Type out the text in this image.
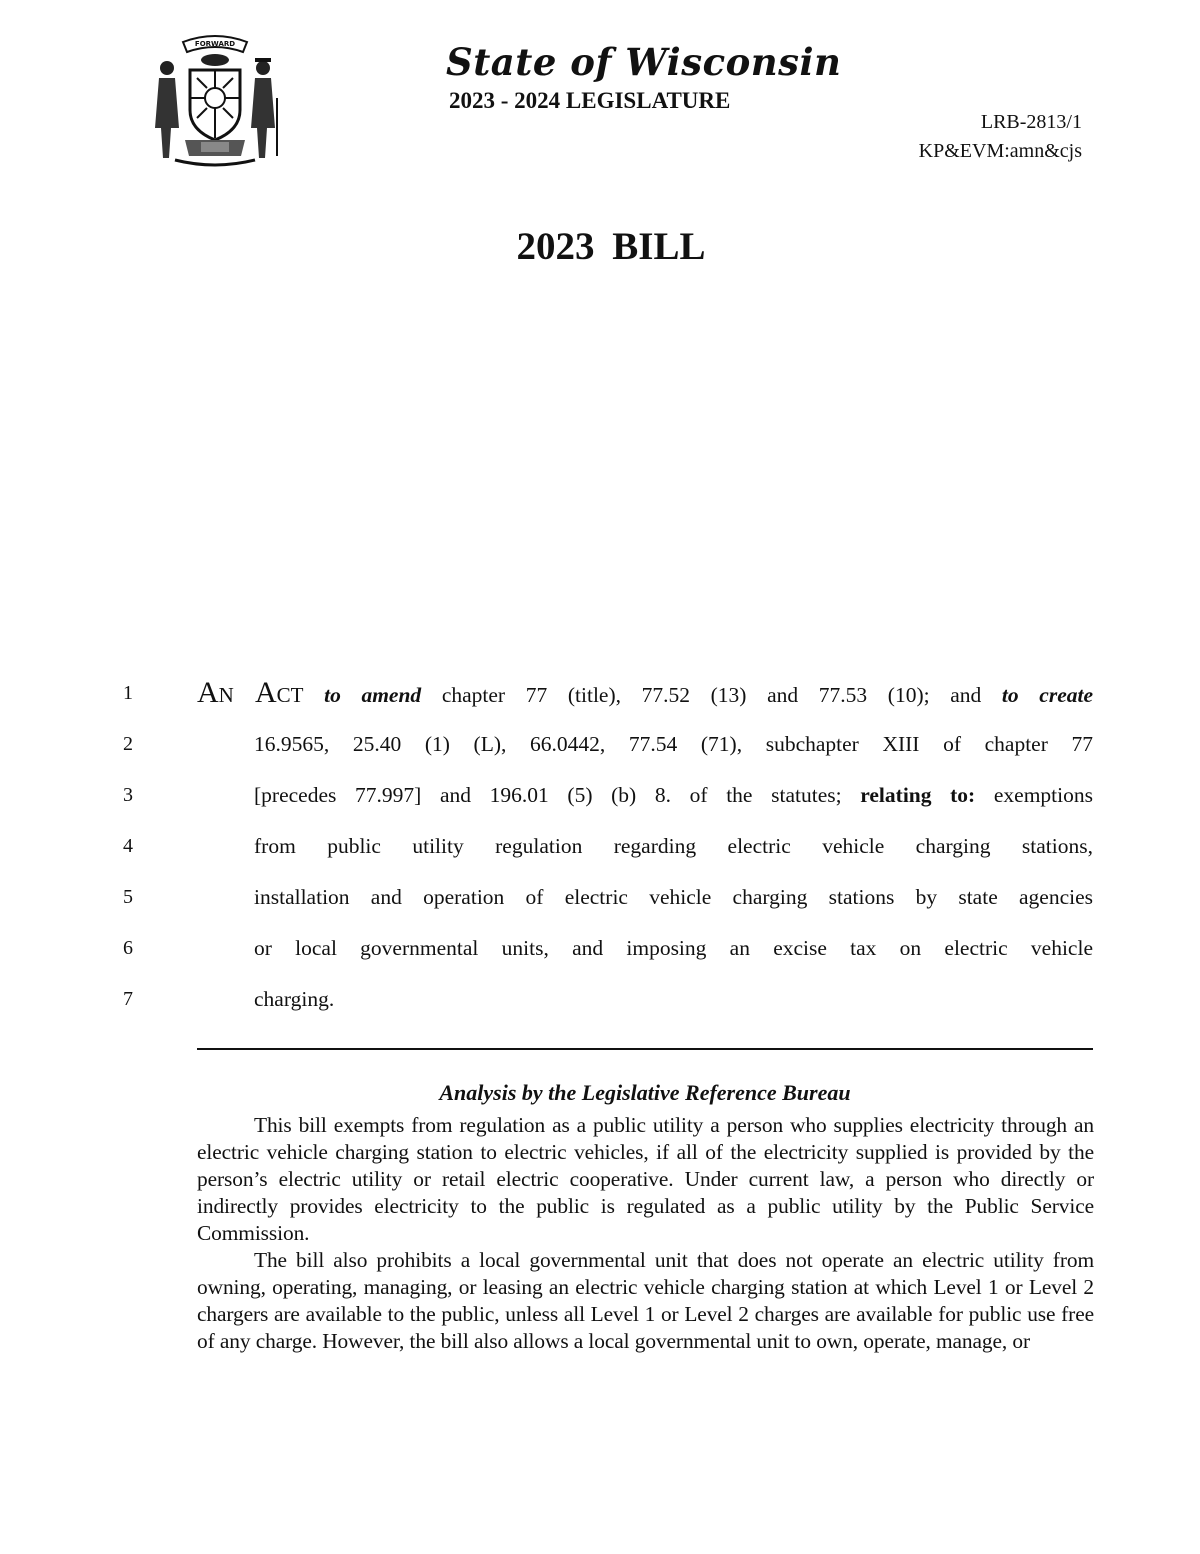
FORWARD	State of Wisconsin
2023 - 2024 LEGISLATURE
LRB-2813/1
KP&EVM:amn&cjs
2023 BILL
1
2
3
4
5
6
7
An Act to amend chapter 77 (title), 77.52 (13) and 77.53 (10); and to create
16.9565, 25.40 (1) (L), 66.0442, 77.54 (71), subchapter XIII of chapter 77
[precedes 77.997] and 196.01 (5) (b) 8. of the statutes; relating to: exemptions
from public utility regulation regarding electric vehicle charging stations,
installation and operation of electric vehicle charging stations by state agencies
or local governmental units, and imposing an excise tax on electric vehicle
charging.
Analysis by the Legislative Reference Bureau

This bill exempts from regulation as a public utility a person who supplies electricity through an electric vehicle charging station to electric vehicles, if all of the electricity supplied is provided by the person’s electric utility or retail electric cooperative. Under current law, a person who directly or indirectly provides electricity to the public is regulated as a public utility by the Public Service Commission.

The bill also prohibits a local governmental unit that does not operate an electric utility from owning, operating, managing, or leasing an electric vehicle charging station at which Level 1 or Level 2 chargers are available to the public, unless all Level 1 or Level 2 charges are available for public use free of any charge. However, the bill also allows a local governmental unit to own, operate, manage, or
